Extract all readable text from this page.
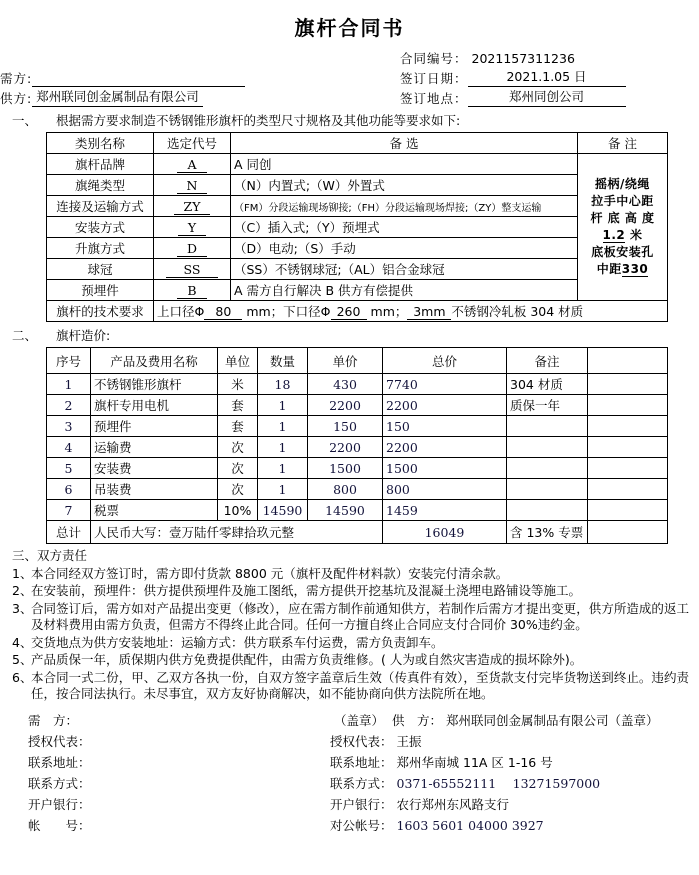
旗杆合同书
合同编号： 2021157311236
需方:	签订日期：	2021.1.05 日
供方: 郑州联同创金属制品有限公司	签订地点：	郑州同创公司
一、 根据需方要求制造不锈钢锥形旗杆的类型尺寸规格及其他功能等要求如下:
类别名称	选定代号	备 选	备 注
旗杆品牌	A	A 同创	
摇柄/绕绳
拉手中心距
杆 底 高 度
1.2 米
底板安装孔
中距330

旗绳类型	N	（N）内置式;（W）外置式	
连接及运输方式	ZY	（FM）分段运输现场铆接;（FH）分段运输现场焊接;（ZY）整支运输	
安装方式	Y	（C）插入式;（Y）预埋式	
升旗方式	D	（D）电动;（S）手动	
球冠	SS	（SS）不锈钢球冠;（AL）铝合金球冠	
预埋件	B	A 需方自行解决 B 供方有偿提供	
旗杆的技术要求	上口径Φ 80 mm；下口径Φ 260 mm； 3mm 不锈钢冷轧板 304 材质		
二、 旗杆造价:
序号	产品及费用名称	单位	数量	单价	总价	备注	
1	不锈钢锥形旗杆	米	18	430	7740	304 材质	
2	旗杆专用电机	套	1	2200	2200	质保一年	
3	预埋件	套	1	150	150		
4	运输费	次	1	2200	2200		
5	安装费	次	1	1500	1500		
6	吊装费	次	1	800	800		
7	税票	10%	14590	14590	1459		
总计	人民币大写：壹万陆仟零肆拾玖元整				16049	含 13% 专票	
三、双方责任
1、
本合同经双方签订时，需方即付货款 8800 元（旗杆及配件材料款）安装完付清余款。
2、
在安装前，预埋件：供方提供预埋件及施工图纸，需方提供开挖基坑及混凝土浇埋电路铺设等施工。
3、
合同签订后，需方如对产品提出变更（修改），应在需方制作前通知供方，若制作后需方才提出变更，供方所造成的返工及材料费用由需方负责，但需方不得终止此合同。任何一方擅自终止合同应支付合同价 30%违约金。
4、
交货地点为供方安装地址：运输方式：供方联系车付运费，需方负责卸车。
5、
产品质保一年，质保期内供方免费提供配件，由需方负责维修。( 人为或自然灾害造成的损坏除外)。
6、
本合同一式二份，甲、乙双方各执一份，自双方签字盖章后生效（传真件有效），至货款支付完毕货物送到终止。违约责任，按合同法执行。未尽事宜，双方友好协商解决，如不能协商向供方法院所在地。
需　方：	（盖章） 供　方： 郑州联同创金属制品有限公司（盖章）
授权代表：	授权代表： 王振
联系地址：	联系地址： 郑州华南城 11A 区 1-16 号
联系方式：	联系方式： 0371-65552111　 13271597000
开户银行：	开户银行： 农行郑州东风路支行
帐　　号：	对公帐号： 1603 5601 04000 3927
